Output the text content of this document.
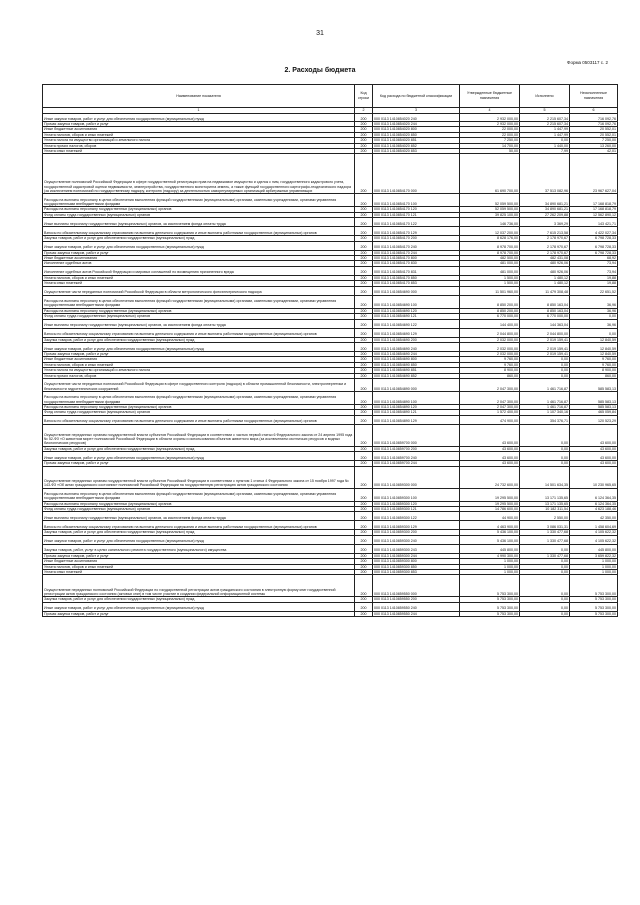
31
Форма 0503117 с. 2
2. Расходы бюджета
Наименование показателя	Код строки	Код расхода по бюджетной классификации	Утвержденные бюджетные назначения	Исполнено	Неисполненные назначения
1	2	3	4	5	6
Иные закупки товаров, работ и услуг для обеспечения государственных (муниципальных) нужд	200	000 0113 1410854020 240	2 932 000,00	2 215 607,34	716 092,76
Прочая закупка товаров, работ и услуг	200	000 0113 1410854020 244	2 932 000,00	2 215 607,34	716 092,76
Иные бюджетные ассигнования	200	000 0113 1410854020 800	22 000,00	1 447,99	20 552,01
Уплата налогов, сборов и иных платежей	200	000 0113 1410854020 850	22 000,00	1 447,99	20 552,01
Уплата налога на имущество организаций и земельного налога	200	000 0113 1410854020 851	7 250,00	0,00	7 250,00
Уплата прочих налогов, сборов	200	000 0113 1410854020 852	14 700,00	1 440,00	13 260,00
Уплата иных платежей	200	000 0113 1410854020 853	50,00	7,99	42,01
Осуществление полномочий Российской Федерации в сфере государственной регистрации прав на недвижимое имущество и сделок с ним, государственного кадастрового учета, государственной кадастровой оценки недвижимости, землеустройства, государственного мониторинга земель, а также функций государственного картографо-геодезического надзора (за исключением полномочий по государственному надзору, контролю (надзору) за деятельностью саморегулируемых организаций арбитражных управляющих	200	000 0113 1410854170 000	61 690 700,00	37 513 082,96	23 967 627,04
Расходы на выплаты персоналу в целях обеспечения выполнения функций государственными (муниципальными) органами, казенными учреждениями, органами управления государственными внебюджетными фондами	200	000 0113 1410854170 100	52 059 500,00	34 890 681,21	17 168 818,79
Расходы на выплаты персоналу государственных (муниципальных) органов	200	000 0113 1410854170 120	52 059 500,00	34 890 681,21	17 168 818,79
Фонд оплаты труда государственных (муниципальных) органов	200	000 0113 1410854170 121	39 825 100,00	27 262 209,88	12 562 890,12
Иные выплаты персоналу государственных (муниципальных) органов, за исключением фонда оплаты труда	200	000 0113 1410854170 122	146 736,00	3 369,29	143 421,71
Взносы по обязательному социальному страхованию на выплаты денежного содержания и иные выплаты работникам государственных (муниципальных) органов	200	000 0113 1410854170 129	12 037 200,00	7 615 213,58	4 422 027,34
Закупка товаров, работ и услуг для обеспечения государственных (муниципальных) нужд	200	000 0113 1410854170 200	8 628 176,00	2 178 970,67	6 798 728,33
Иные закупки товаров, работ и услуг для обеспечения государственных (муниципальных) нужд	200	000 0113 1410854170 240	8 978 700,00	2 178 970,67	6 798 728,33
Прочая закупка товаров, работ и услуг	200	000 0113 1410854170 244	8 978 700,00	2 178 970,67	6 798 728,33
Иные бюджетные ассигнования	200	000 0113 1410854170 800	482 500,00	482 431,08	68,92
Исполнение судебных актов	200	000 0113 1410854170 830	481 000,00	480 926,06	73,94
Исполнение судебных актов Российской Федерации и мировых соглашений по возмещению причиненного вреда	200	000 0113 1410854170 831	481 000,00	480 926,06	73,94
Уплата налогов, сборов и иных платежей	200	000 0113 1410854170 850	1 500,00	1 480,12	19,88
Уплата иных платежей	200	000 0113 1410854170 853	1 500,00	1 480,12	19,88
Осуществление части переданных полномочий Российской Федерации в области метрологического фотоэлектрического надзора	200	000 0113 1410854690 000	11 501 960,00	11 479 308,48	22 651,52
Расходы на выплаты персоналу в целях обеспечения выполнения функций государственными (муниципальными) органами, казенными учреждениями, органами управления государственными внебюджетными фондами	200	000 0113 1410854690 100	8 850 200,00	8 850 163,04	36,96
Расходы на выплаты персоналу государственных (муниципальных) органов	200	000 0113 1410854690 120	8 850 200,00	8 850 163,04	36,96
Фонд оплаты труда государственных (муниципальных) органов	200	000 0113 1410854690 121	6 770 000,00	6 770 000,00	0,00
Иные выплаты персоналу государственных (муниципальных) органов, за исключением фонда оплаты труда	200	000 0113 1410854690 122	144 400,00	144 363,04	36,96
Взносы по обязательному социальному страхованию на выплаты денежного содержания и иные выплаты работникам государственных (муниципальных) органов	200	000 0113 1410854690 129	2 044 800,00	2 044 800,00	0,00
Закупка товаров, работ и услуг для обеспечения государственных (муниципальных) нужд	200	000 0113 1410854690 200	2 032 000,00	2 019 159,41	12 840,59
Иные закупки товаров, работ и услуг для обеспечения государственных (муниципальных) нужд	200	000 0113 1410854690 240	2 032 000,00	2 019 159,41	12 840,59
Прочая закупка товаров, работ и услуг	200	000 0113 1410854690 244	2 032 000,00	2 019 159,41	12 840,59
Иные бюджетные ассигнования	200	000 0113 1410854690 800	9 760,00	0,00	9 760,00
Уплата налогов, сборов и иных платежей	200	000 0113 1410854690 850	9 760,00	0,00	9 760,00
Уплата налога на имущество организаций и земельного налога	200	000 0113 1410854690 851	8 900,00	0,00	8 900,00
Уплата прочих налогов, сборов	200	000 0113 1410854690 852	860,00	0,00	860,00
Осуществление части переданных полномочий Российской Федерации в сфере государственного контроля (надзора) в области промышленной безопасности, электроэнергетики и безопасности гидротехнических сооружений	200	000 0113 1410854890 000	2 047 300,00	1 461 716,87	585 583,13
Расходы на выплаты персоналу в целях обеспечения выполнения функций государственными (муниципальными) органами, казенными учреждениями, органами управления государственными внебюджетными фондами	200	000 0113 1410854890 100	2 047 300,00	1 461 716,87	585 583,13
Расходы на выплаты персоналу государственных (муниципальных) органов	200	000 0113 1410854890 120	2 047 300,00	1 461 716,87	585 583,13
Фонд оплаты труда государственных (муниципальных) органов	200	000 0113 1410854890 121	1 572 400,00	1 107 340,16	465 059,84
Взносы по обязательному социальному страхованию на выплаты денежного содержания и иные выплаты работникам государственных (муниципальных) органов	200	000 0113 1410854890 129	474 900,00	354 376,71	120 523,29
Осуществление переданных органам государственной власти субъектов Российской Федерации в соответствии с частью первой статьи 6 Федерального закона от 24 апреля 1995 года № 52-ФЗ «О животном мире» полномочий Российской Федерации в области охраны и использования объектов животного мира (за исключением охотничьих ресурсов и водных биологических ресурсов)	200	000 0113 1410859700 000	43 600,00	0,00	43 600,00
Закупка товаров, работ и услуг для обеспечения государственных (муниципальных) нужд	200	000 0113 1410859700 200	43 600,00	0,00	43 600,00
Иные закупки товаров, работ и услуг для обеспечения государственных (муниципальных) нужд	200	000 0113 1410859700 240	43 600,00	0,00	43 600,00
Прочая закупка товаров, работ и услуг	200	000 0113 1410859700 244	43 600,00	0,00	43 600,00
Осуществление переданных органам государственной власти субъектов Российской Федерации в соответствии с пунктом 1 статьи 4 Федерального закона от 15 ноября 1997 года № 143-ФЗ «Об актах гражданского состояния» полномочий Российской Федерации на государственную регистрацию актов гражданского состояния	200	000 0113 1410859300 000	24 732 600,00	14 501 634,35	10 230 965,65
Расходы на выплаты персоналу в целях обеспечения выполнения функций государственными (муниципальными) органами, казенными учреждениями, органами управления государственными внебюджетными фондами	200	000 0113 1410859300 100	19 295 500,00	13 171 135,65	6 124 364,35
Расходы на выплаты персоналу государственных (муниципальных) органов	200	000 0113 1410859300 120	19 295 500,00	13 171 135,65	6 124 364,35
Фонд оплаты труда государственных (муниципальных) органов	200	000 0113 1410859300 121	14 786 600,00	10 182 311,54	4 623 188,46
Иные выплаты персоналу государственных (муниципальных) органов, за исключением фонда оплаты труда	200	000 0113 1410859300 122	44 900,00	2 550,00	42 350,00
Взносы по обязательному социальному страхованию на выплаты денежного содержания и иные выплаты работникам государственных (муниципальных) органов	200	000 0113 1410859300 129	4 463 900,00	3 086 031,31	1 458 604,69
Закупка товаров, работ и услуг для обеспечения государственных (муниципальных) нужд	200	000 0113 1410859300 200	5 436 100,00	1 330 477,68	4 105 622,32
Иные закупки товаров, работ и услуг для обеспечения государственных (муниципальных) нужд	200	000 0113 1410859300 240	5 436 100,00	1 330 477,68	4 105 622,32
Закупка товаров, работ, услуг в целях капитального ремонта государственного (муниципального) имущества	200	000 0113 1410859300 243	445 800,00	0,00	445 800,00
Прочая закупка товаров, работ и услуг	200	000 0113 1410859300 244	4 990 300,00	1 330 477,68	3 659 822,32
Иные бюджетные ассигнования	200	000 0113 1410859300 800	1 000,00	0,00	1 000,00
Уплата налогов, сборов и иных платежей	200	000 0113 1410859300 850	1 000,00	0,00	1 000,00
Уплата иных платежей	200	000 0113 1410859300 853	1 000,00	0,00	1 000,00
Осуществление переданных полномочий Российской Федерации по государственной регистрации актов гражданского состояния в электронную форму книг государственной регистрации актов гражданского состояния (актовых книг) в том числе участие в создании федеральной информационной системы	200	000 0113 1410859550 000	5 753 300,00	0,00	5 753 300,00
Закупка товаров, работ и услуг для обеспечения государственных (муниципальных) нужд	200	000 0113 1410859550 200	5 753 300,00	0,00	5 753 300,00
Иные закупки товаров, работ и услуг для обеспечения государственных (муниципальных) нужд	200	000 0113 1410859550 240	5 753 300,00	0,00	5 753 300,00
Прочая закупка товаров, работ и услуг	200	000 0113 1410859550 244	5 753 300,00	0,00	5 753 300,00
